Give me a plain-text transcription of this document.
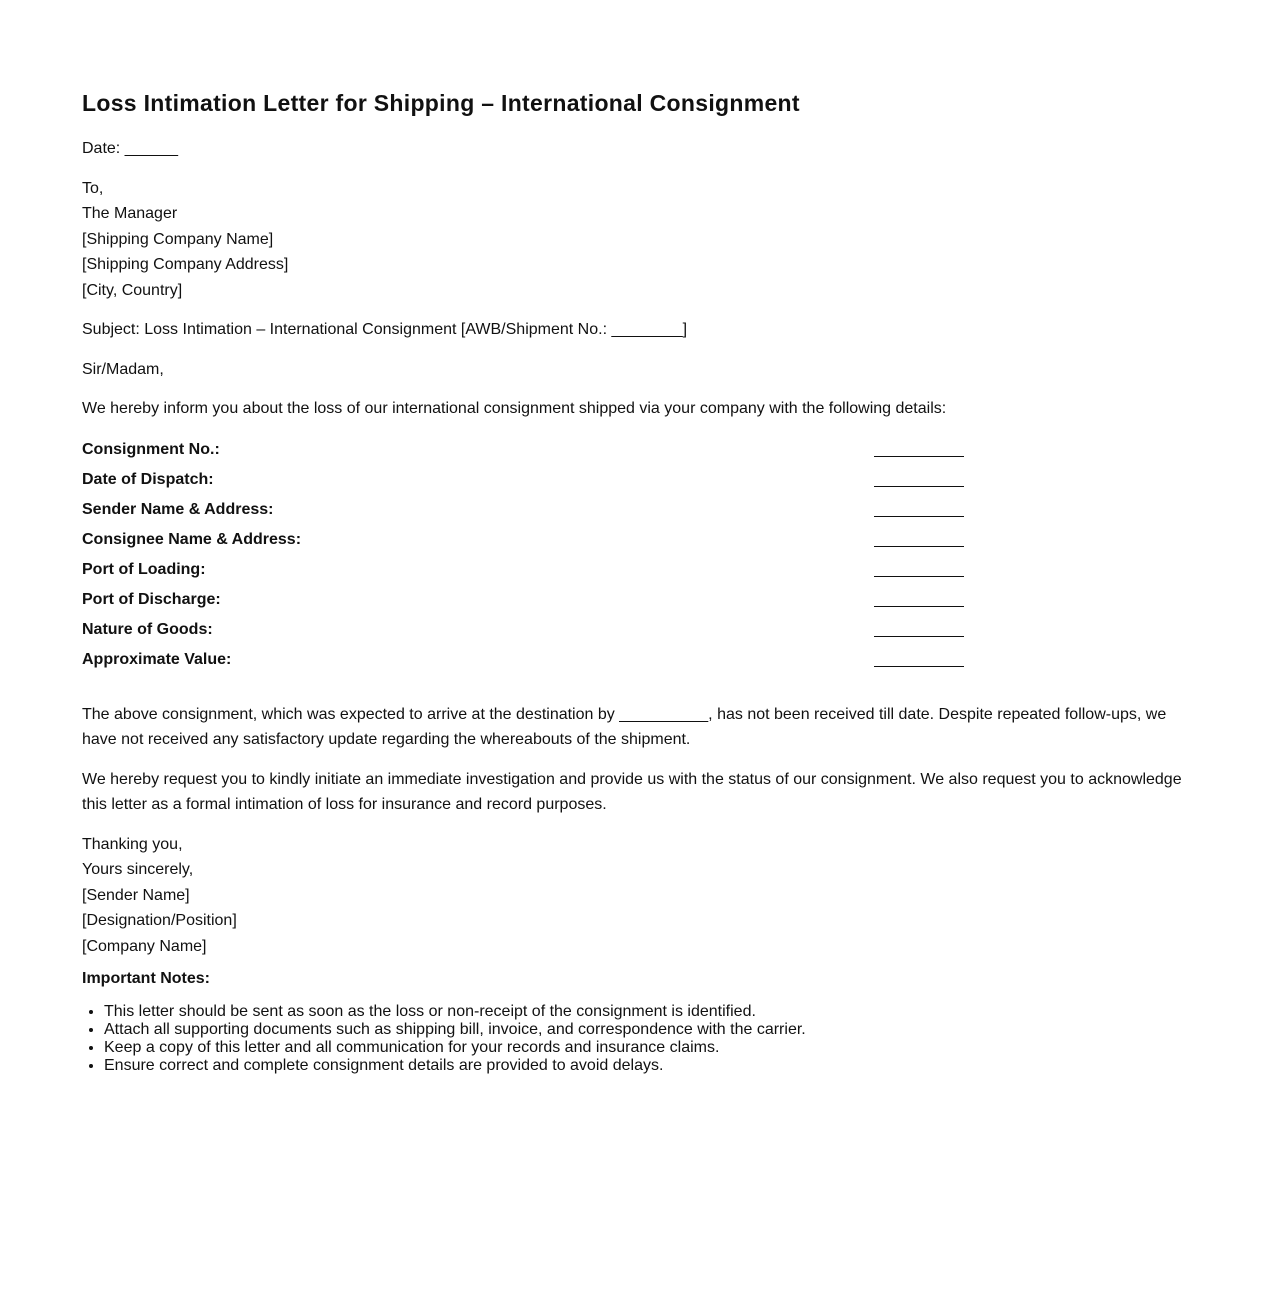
Loss Intimation Letter for Shipping – International Consignment
Date: ______
To,
The Manager
[Shipping Company Name]
[Shipping Company Address]
[City, Country]
Subject: Loss Intimation – International Consignment [AWB/Shipment No.: ________]
Sir/Madam,
We hereby inform you about the loss of our international consignment shipped via your company with the following details:
Consignment No.:
Date of Dispatch:
Sender Name & Address:
Consignee Name & Address:
Port of Loading:
Port of Discharge:
Nature of Goods:
Approximate Value:
The above consignment, which was expected to arrive at the destination by __________, has not been received till date. Despite repeated follow-ups, we have not received any satisfactory update regarding the whereabouts of the shipment.
We hereby request you to kindly initiate an immediate investigation and provide us with the status of our consignment. We also request you to acknowledge this letter as a formal intimation of loss for insurance and record purposes.
Thanking you,
Yours sincerely,
[Sender Name]
[Designation/Position]
[Company Name]
Important Notes:
• This letter should be sent as soon as the loss or non-receipt of the consignment is identified.
• Attach all supporting documents such as shipping bill, invoice, and correspondence with the carrier.
• Keep a copy of this letter and all communication for your records and insurance claims.
• Ensure correct and complete consignment details are provided to avoid delays.
